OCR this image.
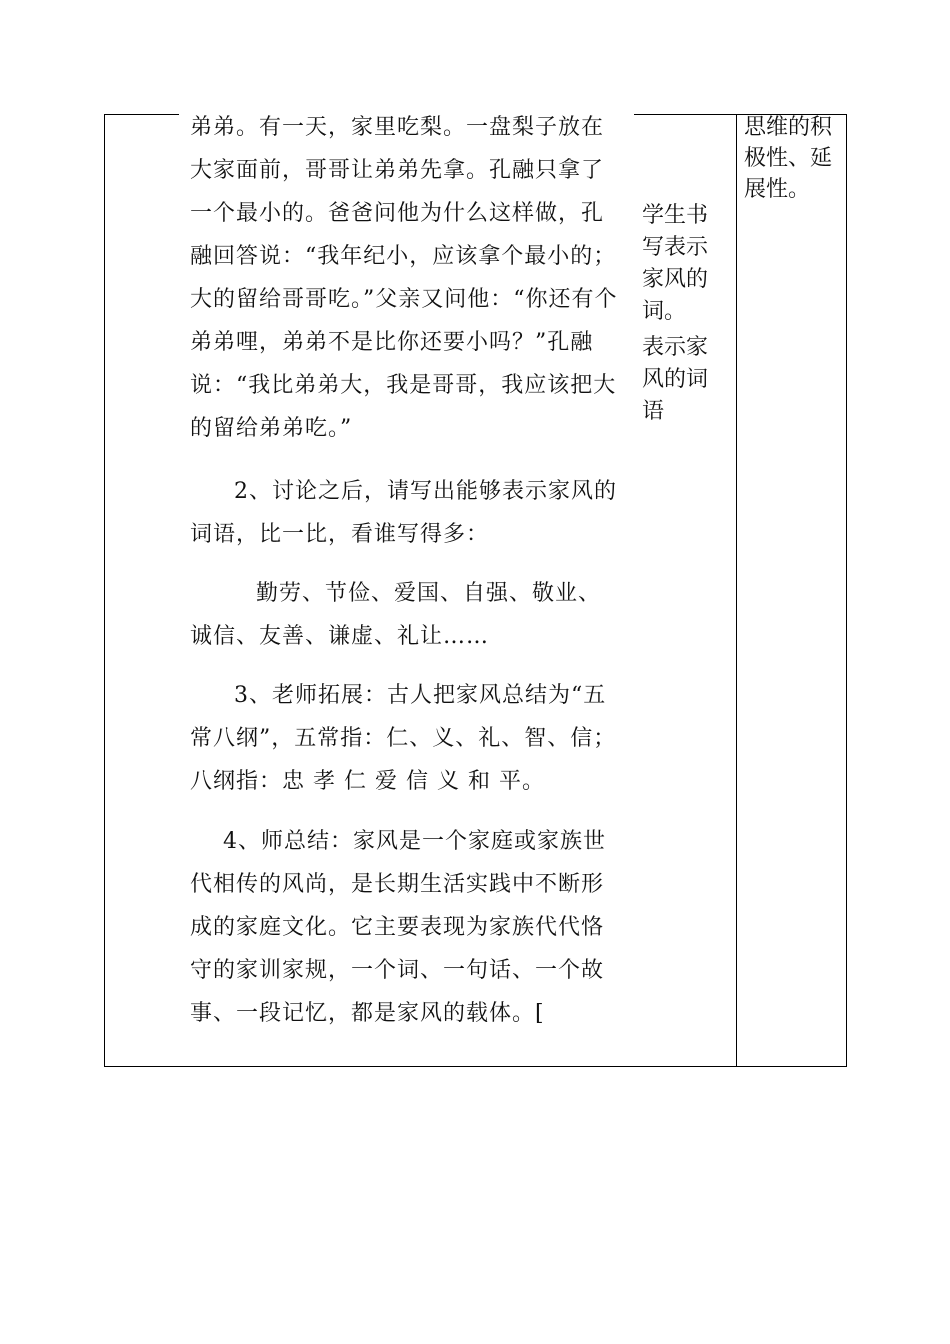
弟弟。有一天，家里吃梨。一盘梨子放在大家面前，哥哥让弟弟先拿。孔融只拿了一个最小的。爸爸问他为什么这样做，孔融回答说：“我年纪小，应该拿个最小的；大的留给哥哥吃。”父亲又问他：“你还有个弟弟哩，弟弟不是比你还要小吗？”孔融说：“我比弟弟大，我是哥哥，我应该把大的留给弟弟吃。”

2、讨论之后，请写出能够表示家风的词语，比一比，看谁写得多：

勤劳、节俭、爱国、自强、敬业、诚信、友善、谦虚、礼让……

3、老师拓展：古人把家风总结为“五常八纲”，五常指：仁、义、礼、智、信；八纲指：忠 孝 仁 爱 信 义 和 平。

4、师总结：家风是一个家庭或家族世代相传的风尚，是长期生活实践中不断形成的家庭文化。它主要表现为家族代代恪守的家训家规，一个词、一句话、一个故事、一段记忆，都是家风的载体。[

学生书写表示家风的词。

表示家风的词语

思维的积极性、延展性。
